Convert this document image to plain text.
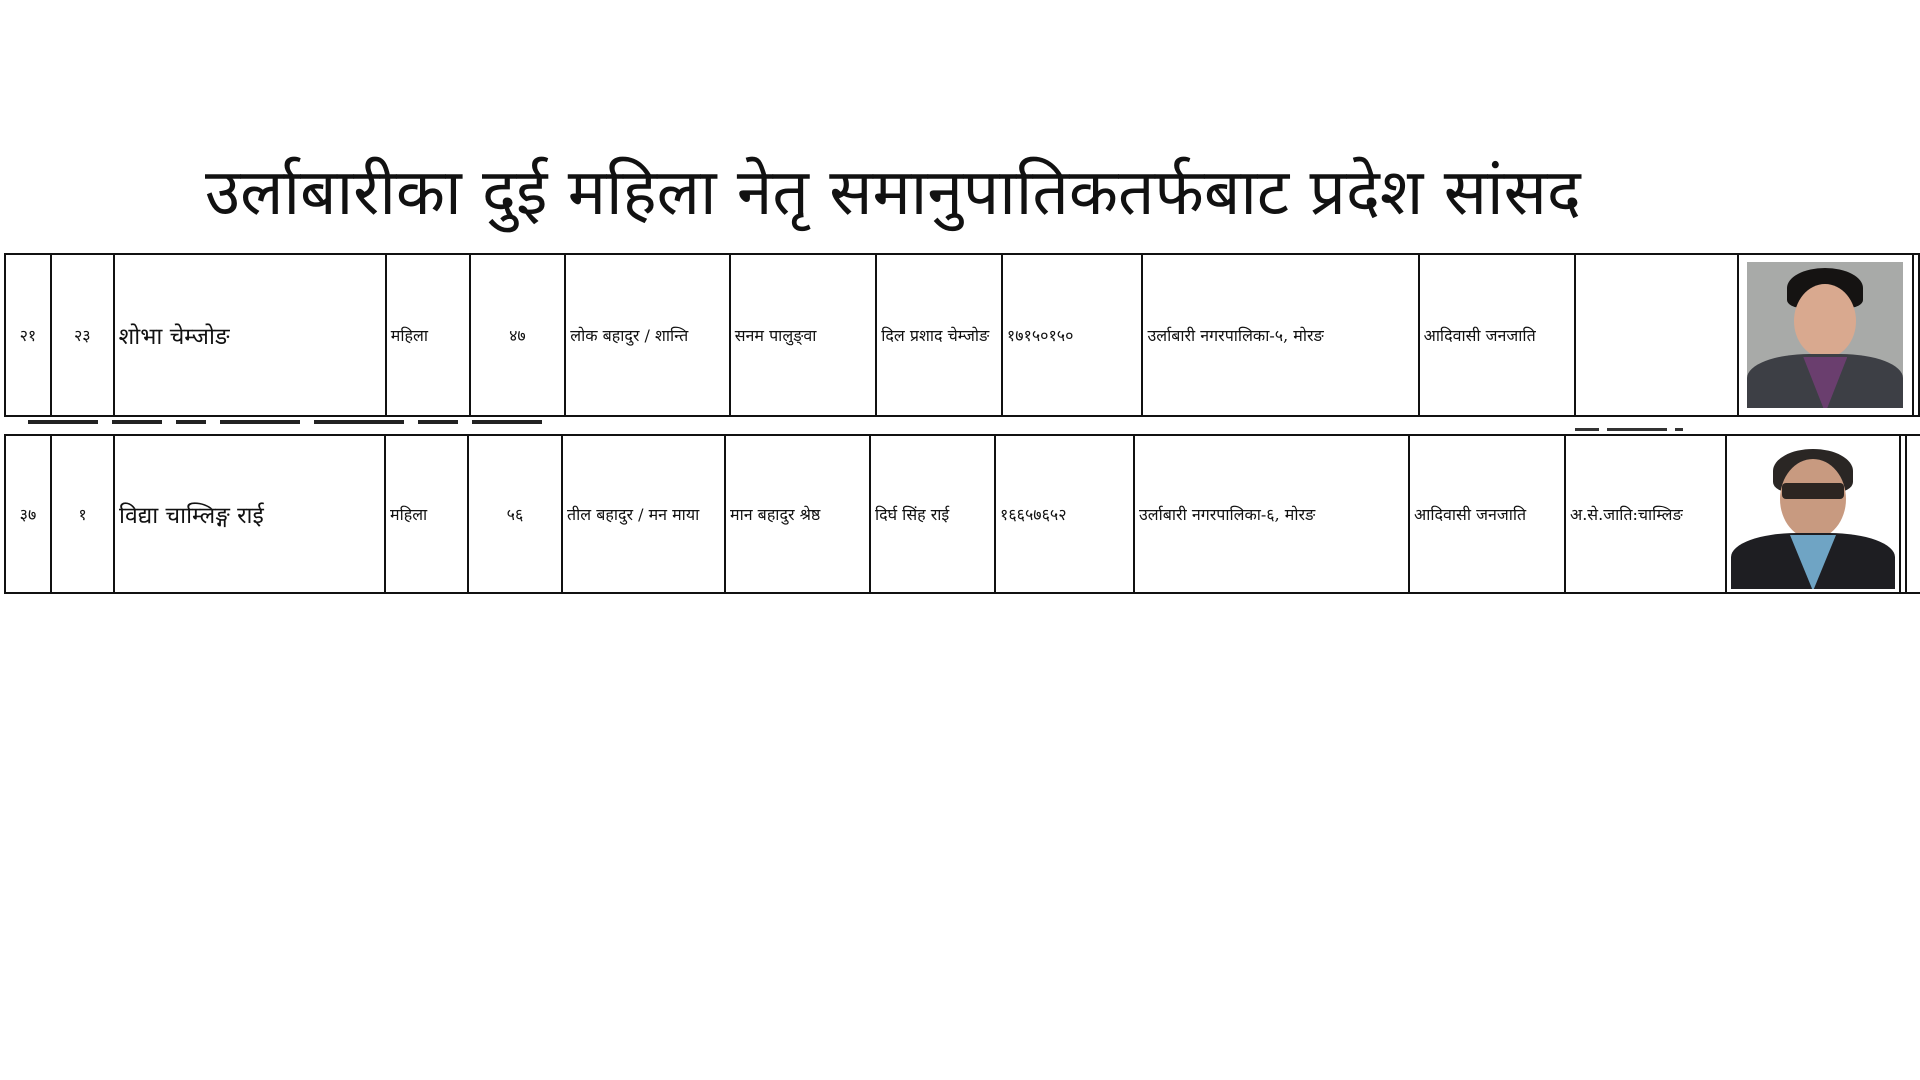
उर्लाबारीका दुई महिला नेतृ समानुपातिकतर्फबाट प्रदेश सांसद
२१	२३	शोभा चेम्जोङ	महिला	४७	लोक बहादुर / शान्ति	सनम पालुङ्वा	दिल प्रशाद चेम्जोङ	१७१५०१५०	उर्लाबारी नगरपालिका-५, मोरङ	आदिवासी जनजाति
३७	१	विद्या चाम्लिङ्ग राई	महिला	५६	तील बहादुर / मन माया	मान बहादुर श्रेष्ठ	दिर्घ सिंह राई	१६६५७६५२	उर्लाबारी नगरपालिका-६, मोरङ	आदिवासी जनजाति	अ.से.जाति:चाम्लिङ
